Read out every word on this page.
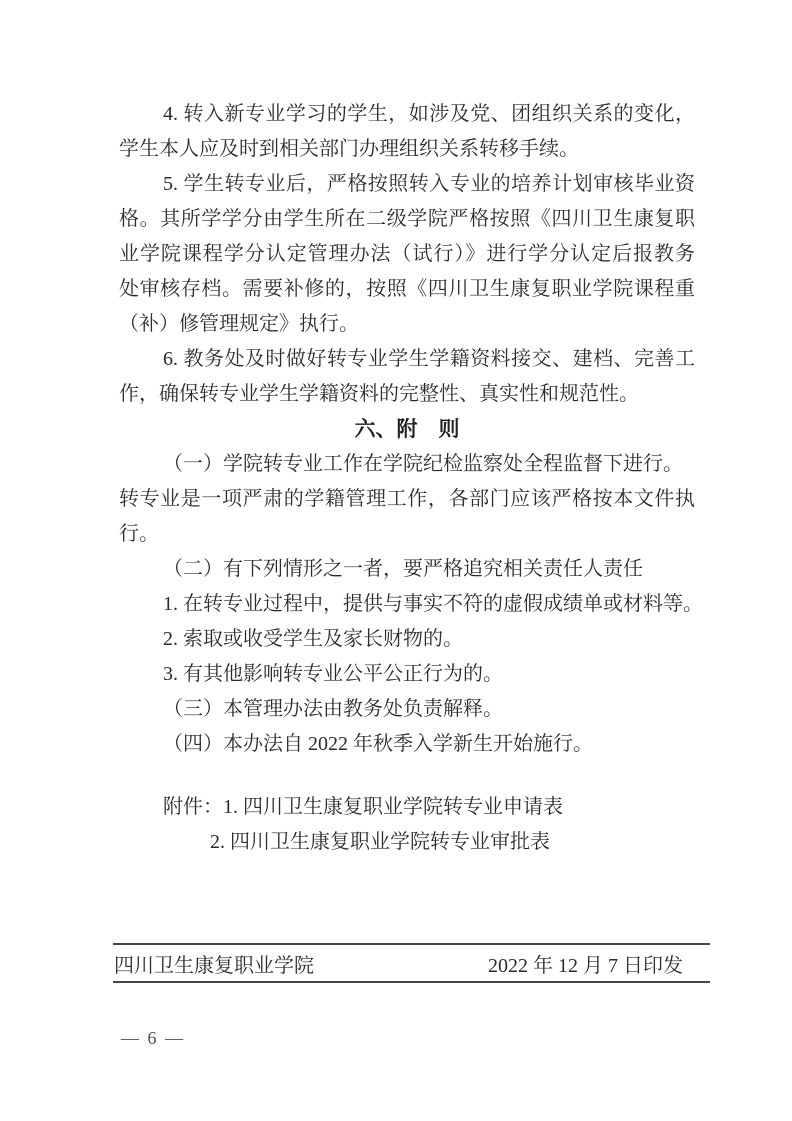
4. 转入新专业学习的学生，如涉及党、团组织关系的变化，
学生本人应及时到相关部门办理组织关系转移手续。
5. 学生转专业后，严格按照转入专业的培养计划审核毕业资
格。其所学学分由学生所在二级学院严格按照《四川卫生康复职
业学院课程学分认定管理办法（试行）》进行学分认定后报教务
处审核存档。需要补修的，按照《四川卫生康复职业学院课程重
（补）修管理规定》执行。
6. 教务处及时做好转专业学生学籍资料接交、建档、完善工
作，确保转专业学生学籍资料的完整性、真实性和规范性。
六、附　则
（一）学院转专业工作在学院纪检监察处全程监督下进行。
转专业是一项严肃的学籍管理工作，各部门应该严格按本文件执
行。
（二）有下列情形之一者，要严格追究相关责任人责任
1. 在转专业过程中，提供与事实不符的虚假成绩单或材料等。
2. 索取或收受学生及家长财物的。
3. 有其他影响转专业公平公正行为的。
（三）本管理办法由教务处负责解释。
（四）本办法自 2022 年秋季入学新生开始施行。
附件：1. 四川卫生康复职业学院转专业申请表
2. 四川卫生康复职业学院转专业审批表
四川卫生康复职业学院	2022 年 12 月 7 日印发
— 6 —
